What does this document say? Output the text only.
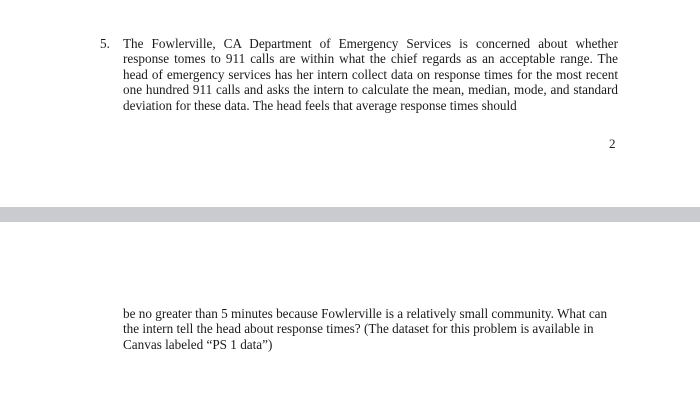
5. The Fowlerville, CA Department of Emergency Services is concerned about whether response tomes to 911 calls are within what the chief regards as an acceptable range. The head of emergency services has her intern collect data on response times for the most recent one hundred 911 calls and asks the intern to calculate the mean, median, mode, and standard deviation for these data. The head feels that average response times should
2
be no greater than 5 minutes because Fowlerville is a relatively small community. What can the intern tell the head about response times? (The dataset for this problem is available in Canvas labeled “PS 1 data”)
